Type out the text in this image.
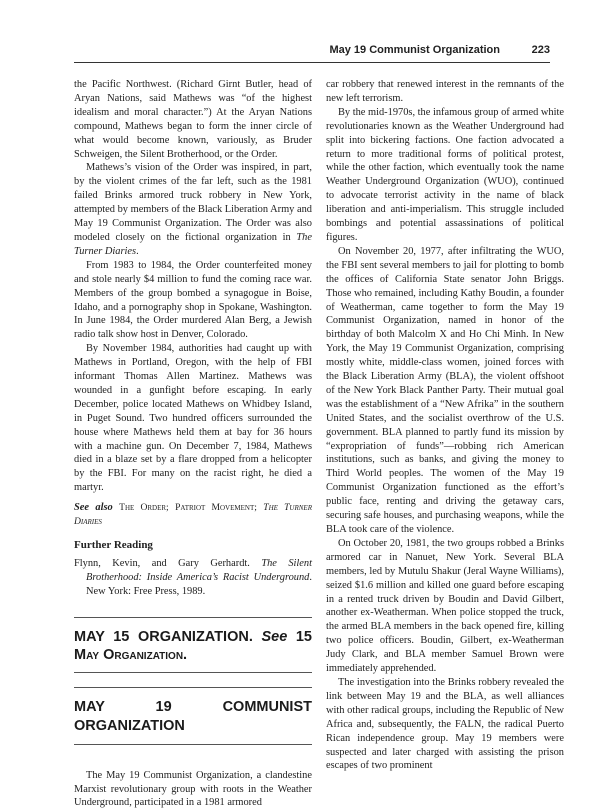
May 19 Communist Organization	223

the Pacific Northwest. (Richard Girnt Butler, head of Aryan Nations, said Mathews was “of the highest idealism and moral character.”) At the Aryan Nations compound, Mathews began to form the inner circle of what would become known, variously, as Bruder Schweigen, the Silent Brotherhood, or the Order.

Mathews’s vision of the Order was inspired, in part, by the violent crimes of the far left, such as the 1981 failed Brinks armored truck robbery in New York, attempted by members of the Black Liberation Army and May 19 Communist Organization. The Order was also modeled closely on the fictional organization in The Turner Diaries.

From 1983 to 1984, the Order counterfeited money and stole nearly $4 million to fund the coming race war. Members of the group bombed a synagogue in Boise, Idaho, and a pornography shop in Spokane, Washington. In June 1984, the Order murdered Alan Berg, a Jewish radio talk show host in Denver, Colorado.

By November 1984, authorities had caught up with Mathews in Portland, Oregon, with the help of FBI informant Thomas Allen Martinez. Mathews was wounded in a gunfight before escaping. In early December, police located Mathews on Whidbey Island, in Puget Sound. Two hundred officers surrounded the house where Mathews held them at bay for 36 hours with a machine gun. On December 7, 1984, Mathews died in a blaze set by a flare dropped from a helicopter by the FBI. For many on the racist right, he died a martyr.

See also The Order; Patriot Movement; The Turner Diaries

Further Reading

Flynn, Kevin, and Gary Gerhardt. The Silent Brotherhood: Inside America’s Racist Underground. New York: Free Press, 1989.

MAY 15 ORGANIZATION. See 15 May Organization.
MAY 19 COMMUNIST ORGANIZATION

The May 19 Communist Organization, a clandestine Marxist revolutionary group with roots in the Weather Underground, participated in a 1981 armored

car robbery that renewed interest in the remnants of the new left terrorism.

By the mid-1970s, the infamous group of armed white revolutionaries known as the Weather Underground had split into bickering factions. One faction advocated a return to more traditional forms of political protest, while the other faction, which eventually took the name Weather Underground Organization (WUO), continued to advocate terrorist activity in the name of black liberation and anti-imperialism. This struggle included bombings and potential assassinations of political figures.

On November 20, 1977, after infiltrating the WUO, the FBI sent several members to jail for plotting to bomb the offices of California State senator John Briggs. Those who remained, including Kathy Boudin, a founder of Weatherman, came together to form the May 19 Communist Organization, named in honor of the birthday of both Malcolm X and Ho Chi Minh. In New York, the May 19 Communist Organization, comprising mostly white, middle-class women, joined forces with the Black Liberation Army (BLA), the violent offshoot of the New York Black Panther Party. Their mutual goal was the establishment of a “New Afrika” in the southern United States, and the socialist overthrow of the U.S. government. BLA planned to partly fund its mission by “expropriation of funds”—robbing rich American institutions, such as banks, and giving the money to Third World peoples. The women of the May 19 Communist Organization functioned as the effort’s public face, renting and driving the getaway cars, securing safe houses, and purchasing weapons, while the BLA took care of the violence.

On October 20, 1981, the two groups robbed a Brinks armored car in Nanuet, New York. Several BLA members, led by Mutulu Shakur (Jeral Wayne Williams), seized $1.6 million and killed one guard before escaping in a rented truck driven by Boudin and David Gilbert, another ex-Weatherman. When police stopped the truck, the armed BLA members in the back opened fire, killing two police officers. Boudin, Gilbert, ex-Weatherman Judy Clark, and BLA member Samuel Brown were immediately apprehended.

The investigation into the Brinks robbery revealed the link between May 19 and the BLA, as well alliances with other radical groups, including the Republic of New Africa and, subsequently, the FALN, the radical Puerto Rican independence group. May 19 members were suspected and later charged with assisting the prison escapes of two prominent
